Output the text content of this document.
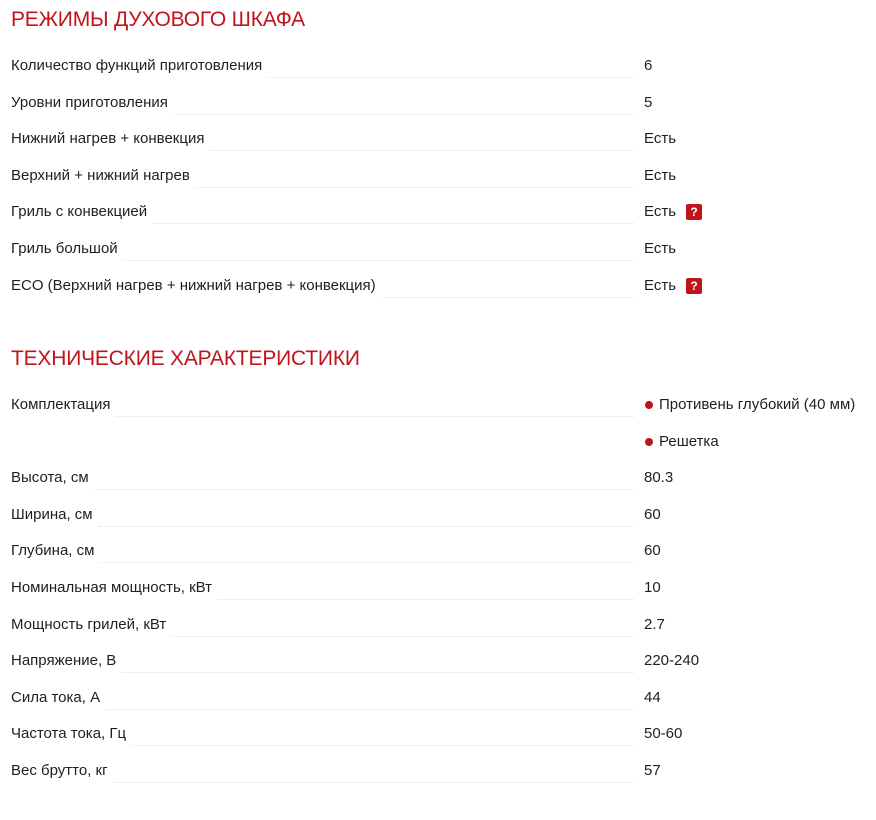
РЕЖИМЫ ДУХОВОГО ШКАФА
Количество функций приготовления	6
Уровни приготовления	5
Нижний нагрев + конвекция	Есть
Верхний + нижний нагрев	Есть
Гриль с конвекцией	Есть	?
Гриль большой	Есть
ECO (Верхний нагрев + нижний нагрев + конвекция)	Есть	?
ТЕХНИЧЕСКИЕ ХАРАКТЕРИСТИКИ
Комплектация	Противень глубокий (40 мм)
Решетка
Высота, см	80.3
Ширина, см	60
Глубина, см	60
Номинальная мощность, кВт	10
Мощность грилей, кВт	2.7
Напряжение, В	220-240
Сила тока, А	44
Частота тока, Гц	50-60
Вес брутто, кг	57
